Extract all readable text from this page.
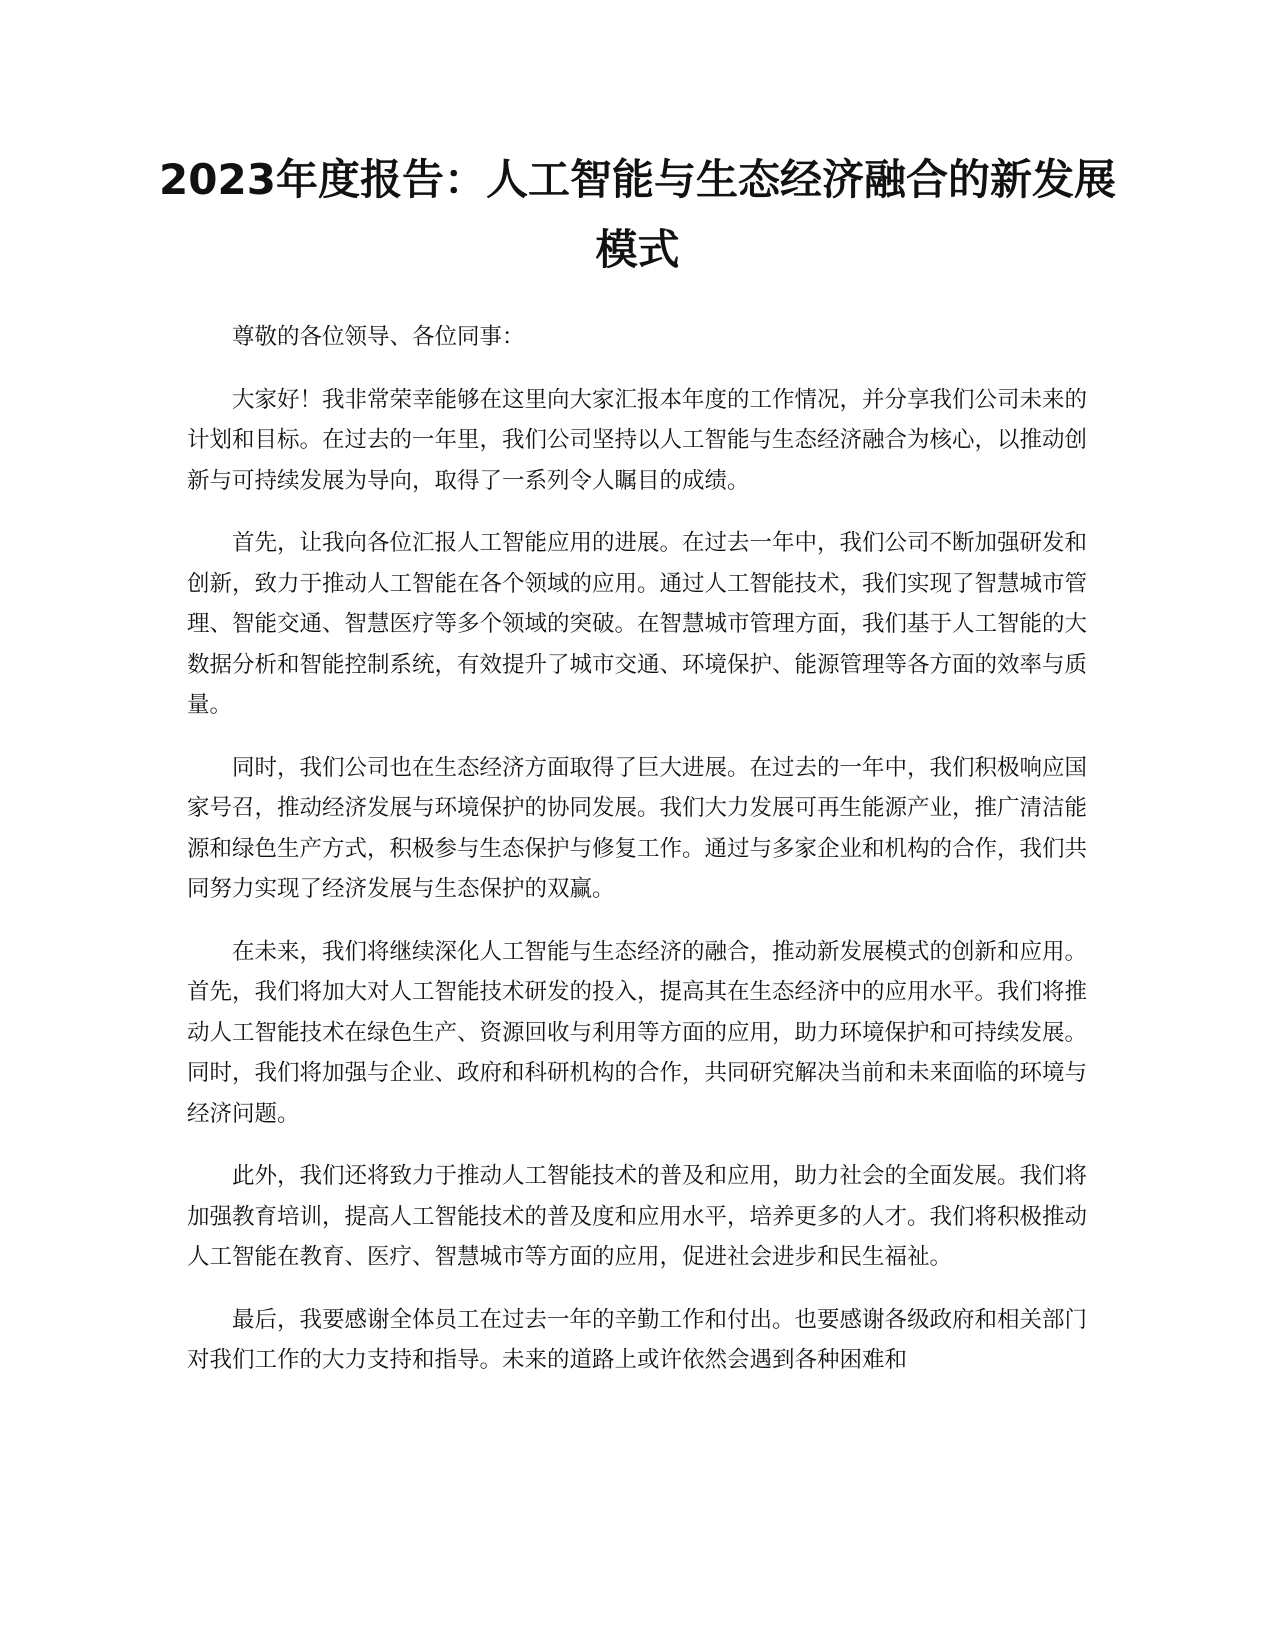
2023年度报告：人工智能与生态经济融合的新发展模式

尊敬的各位领导、各位同事：

大家好！我非常荣幸能够在这里向大家汇报本年度的工作情况，并分享我们公司未来的计划和目标。在过去的一年里，我们公司坚持以人工智能与生态经济融合为核心，以推动创新与可持续发展为导向，取得了一系列令人瞩目的成绩。

首先，让我向各位汇报人工智能应用的进展。在过去一年中，我们公司不断加强研发和创新，致力于推动人工智能在各个领域的应用。通过人工智能技术，我们实现了智慧城市管理、智能交通、智慧医疗等多个领域的突破。在智慧城市管理方面，我们基于人工智能的大数据分析和智能控制系统，有效提升了城市交通、环境保护、能源管理等各方面的效率与质量。

同时，我们公司也在生态经济方面取得了巨大进展。在过去的一年中，我们积极响应国家号召，推动经济发展与环境保护的协同发展。我们大力发展可再生能源产业，推广清洁能源和绿色生产方式，积极参与生态保护与修复工作。通过与多家企业和机构的合作，我们共同努力实现了经济发展与生态保护的双赢。

在未来，我们将继续深化人工智能与生态经济的融合，推动新发展模式的创新和应用。首先，我们将加大对人工智能技术研发的投入，提高其在生态经济中的应用水平。我们将推动人工智能技术在绿色生产、资源回收与利用等方面的应用，助力环境保护和可持续发展。同时，我们将加强与企业、政府和科研机构的合作，共同研究解决当前和未来面临的环境与经济问题。

此外，我们还将致力于推动人工智能技术的普及和应用，助力社会的全面发展。我们将加强教育培训，提高人工智能技术的普及度和应用水平，培养更多的人才。我们将积极推动人工智能在教育、医疗、智慧城市等方面的应用，促进社会进步和民生福祉。

最后，我要感谢全体员工在过去一年的辛勤工作和付出。也要感谢各级政府和相关部门对我们工作的大力支持和指导。未来的道路上或许依然会遇到各种困难和
